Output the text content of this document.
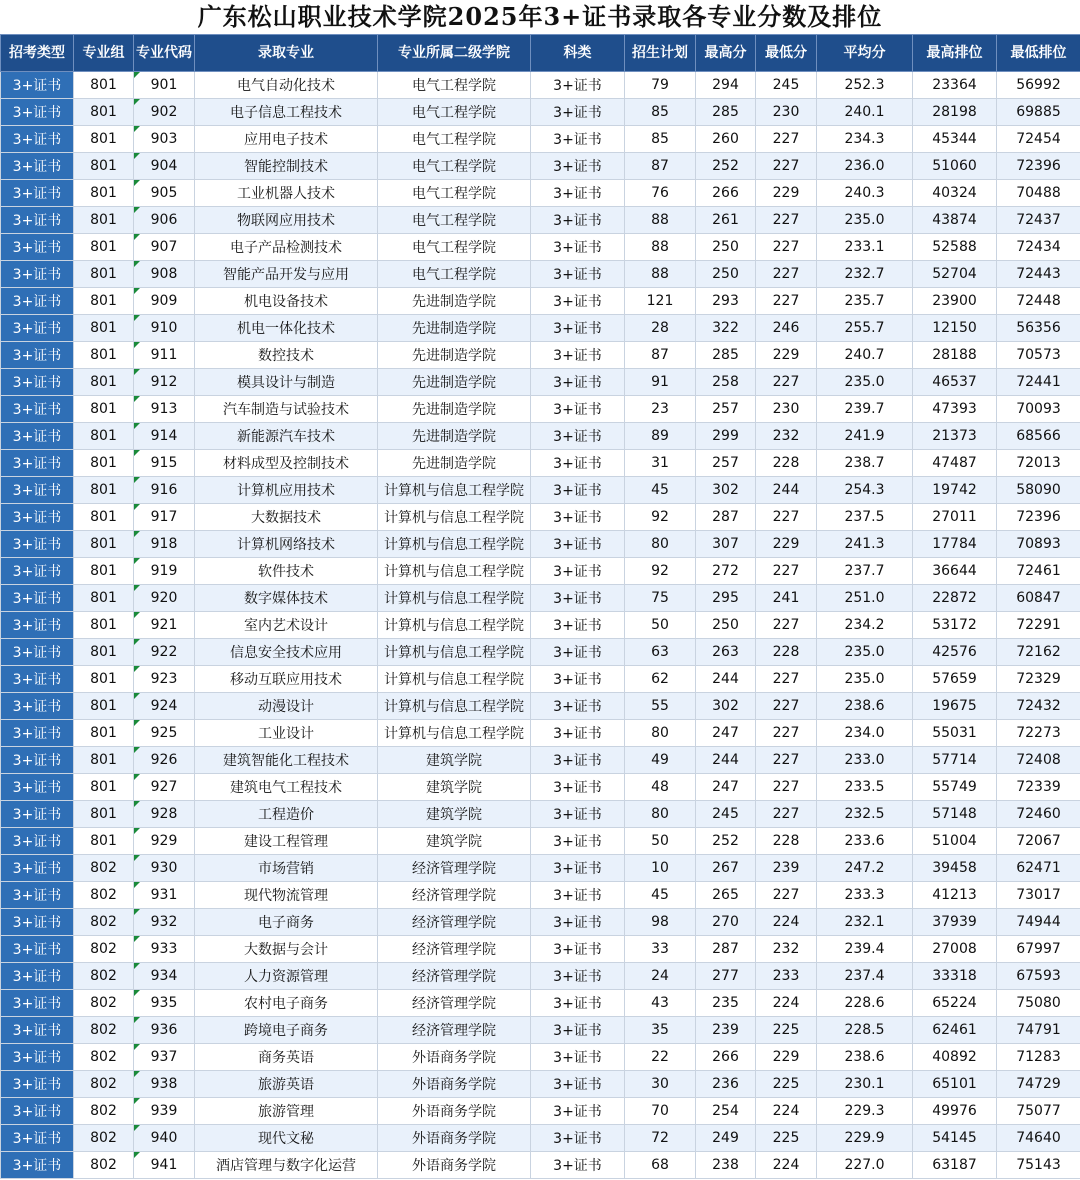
广东松山职业技术学院2025年3+证书录取各专业分数及排位
招考类型	专业组	专业代码	录取专业	专业所属二级学院	科类	招生计划	最高分	最低分	平均分	最高排位	最低排位
3+证书	801	901	电气自动化技术	电气工程学院	3+证书	79	294	245	252.3	23364	56992
3+证书	801	902	电子信息工程技术	电气工程学院	3+证书	85	285	230	240.1	28198	69885
3+证书	801	903	应用电子技术	电气工程学院	3+证书	85	260	227	234.3	45344	72454
3+证书	801	904	智能控制技术	电气工程学院	3+证书	87	252	227	236.0	51060	72396
3+证书	801	905	工业机器人技术	电气工程学院	3+证书	76	266	229	240.3	40324	70488
3+证书	801	906	物联网应用技术	电气工程学院	3+证书	88	261	227	235.0	43874	72437
3+证书	801	907	电子产品检测技术	电气工程学院	3+证书	88	250	227	233.1	52588	72434
3+证书	801	908	智能产品开发与应用	电气工程学院	3+证书	88	250	227	232.7	52704	72443
3+证书	801	909	机电设备技术	先进制造学院	3+证书	121	293	227	235.7	23900	72448
3+证书	801	910	机电一体化技术	先进制造学院	3+证书	28	322	246	255.7	12150	56356
3+证书	801	911	数控技术	先进制造学院	3+证书	87	285	229	240.7	28188	70573
3+证书	801	912	模具设计与制造	先进制造学院	3+证书	91	258	227	235.0	46537	72441
3+证书	801	913	汽车制造与试验技术	先进制造学院	3+证书	23	257	230	239.7	47393	70093
3+证书	801	914	新能源汽车技术	先进制造学院	3+证书	89	299	232	241.9	21373	68566
3+证书	801	915	材料成型及控制技术	先进制造学院	3+证书	31	257	228	238.7	47487	72013
3+证书	801	916	计算机应用技术	计算机与信息工程学院	3+证书	45	302	244	254.3	19742	58090
3+证书	801	917	大数据技术	计算机与信息工程学院	3+证书	92	287	227	237.5	27011	72396
3+证书	801	918	计算机网络技术	计算机与信息工程学院	3+证书	80	307	229	241.3	17784	70893
3+证书	801	919	软件技术	计算机与信息工程学院	3+证书	92	272	227	237.7	36644	72461
3+证书	801	920	数字媒体技术	计算机与信息工程学院	3+证书	75	295	241	251.0	22872	60847
3+证书	801	921	室内艺术设计	计算机与信息工程学院	3+证书	50	250	227	234.2	53172	72291
3+证书	801	922	信息安全技术应用	计算机与信息工程学院	3+证书	63	263	228	235.0	42576	72162
3+证书	801	923	移动互联应用技术	计算机与信息工程学院	3+证书	62	244	227	235.0	57659	72329
3+证书	801	924	动漫设计	计算机与信息工程学院	3+证书	55	302	227	238.6	19675	72432
3+证书	801	925	工业设计	计算机与信息工程学院	3+证书	80	247	227	234.0	55031	72273
3+证书	801	926	建筑智能化工程技术	建筑学院	3+证书	49	244	227	233.0	57714	72408
3+证书	801	927	建筑电气工程技术	建筑学院	3+证书	48	247	227	233.5	55749	72339
3+证书	801	928	工程造价	建筑学院	3+证书	80	245	227	232.5	57148	72460
3+证书	801	929	建设工程管理	建筑学院	3+证书	50	252	228	233.6	51004	72067
3+证书	802	930	市场营销	经济管理学院	3+证书	10	267	239	247.2	39458	62471
3+证书	802	931	现代物流管理	经济管理学院	3+证书	45	265	227	233.3	41213	73017
3+证书	802	932	电子商务	经济管理学院	3+证书	98	270	224	232.1	37939	74944
3+证书	802	933	大数据与会计	经济管理学院	3+证书	33	287	232	239.4	27008	67997
3+证书	802	934	人力资源管理	经济管理学院	3+证书	24	277	233	237.4	33318	67593
3+证书	802	935	农村电子商务	经济管理学院	3+证书	43	235	224	228.6	65224	75080
3+证书	802	936	跨境电子商务	经济管理学院	3+证书	35	239	225	228.5	62461	74791
3+证书	802	937	商务英语	外语商务学院	3+证书	22	266	229	238.6	40892	71283
3+证书	802	938	旅游英语	外语商务学院	3+证书	30	236	225	230.1	65101	74729
3+证书	802	939	旅游管理	外语商务学院	3+证书	70	254	224	229.3	49976	75077
3+证书	802	940	现代文秘	外语商务学院	3+证书	72	249	225	229.9	54145	74640
3+证书	802	941	酒店管理与数字化运营	外语商务学院	3+证书	68	238	224	227.0	63187	75143
